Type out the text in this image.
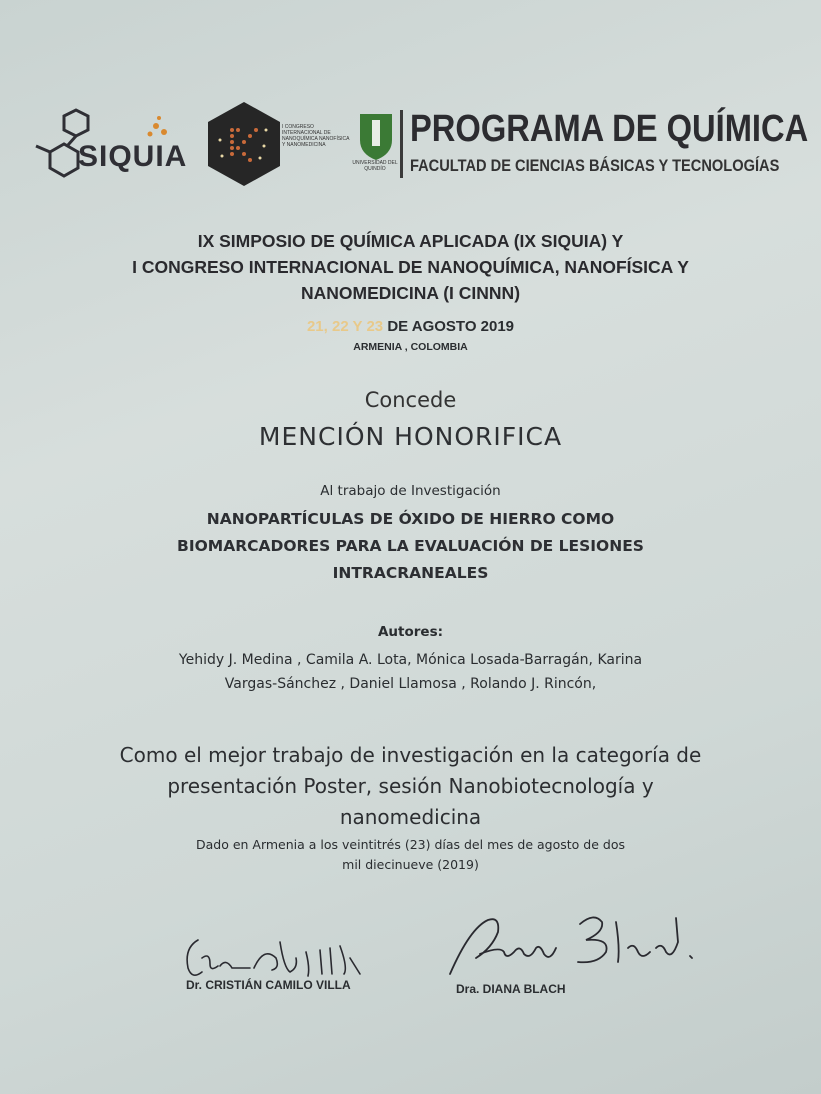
SIQUIA
I CONGRESO INTERNACIONAL DE NANOQUÍMICA NANOFÍSICA Y NANOMEDICINA
UNIVERSIDAD DEL QUINDÍO
PROGRAMA DE QUÍMICA
FACULTAD DE CIENCIAS BÁSICAS Y TECNOLOGÍAS
IX SIMPOSIO DE QUÍMICA APLICADA (IX SIQUIA) Y
I CONGRESO INTERNACIONAL DE NANOQUÍMICA, NANOFÍSICA Y
NANOMEDICINA (I CINNN)
21, 22 Y 23 DE AGOSTO 2019
ARMENIA , COLOMBIA
Concede
MENCIÓN HONORIFICA
Al trabajo de Investigación
NANOPARTÍCULAS DE ÓXIDO DE HIERRO COMO
BIOMARCADORES PARA LA EVALUACIÓN DE LESIONES
INTRACRANEALES
Autores:
Yehidy J. Medina , Camila A. Lota, Mónica Losada-Barragán, Karina
Vargas-Sánchez , Daniel Llamosa , Rolando J. Rincón,
Como el mejor trabajo de investigación en la categoría de
presentación Poster, sesión Nanobiotecnología y
nanomedicina
Dado en Armenia a los veintitrés (23) días del mes de agosto de dos
mil diecinueve (2019)
Dr. CRISTIÁN CAMILO VILLA	Dra. DIANA BLACH
